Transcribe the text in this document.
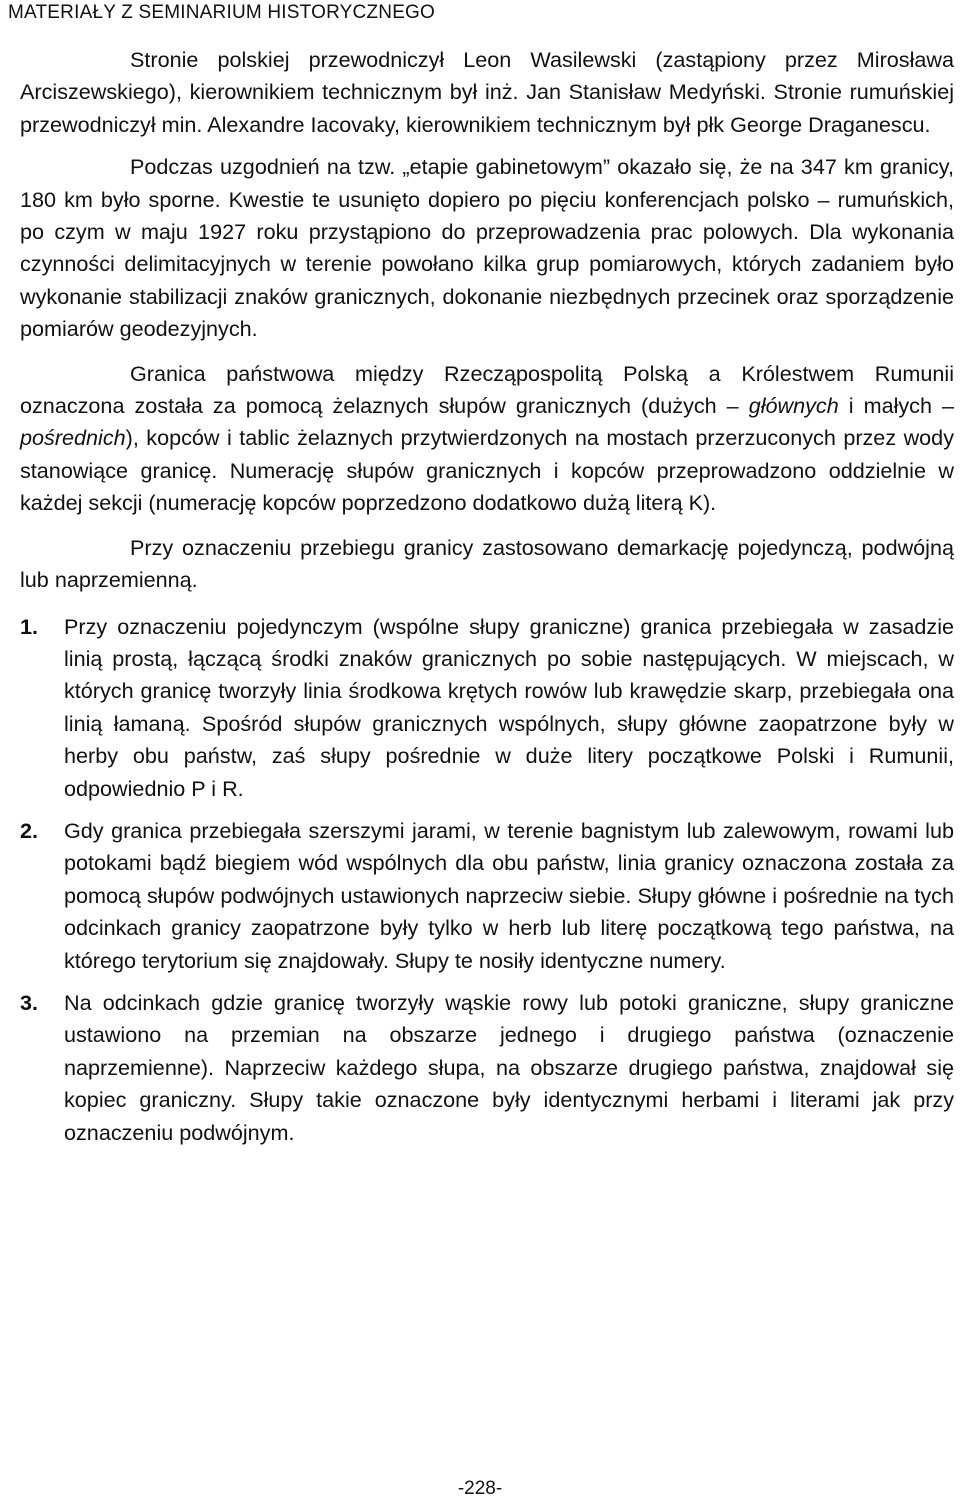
MATERIAŁY Z SEMINARIUM HISTORYCZNEGO

Stronie polskiej przewodniczył Leon Wasilewski (zastąpiony przez Mirosława Arciszewskiego), kierownikiem technicznym był inż. Jan Stanisław Medyński. Stronie rumuńskiej przewodniczył min. Alexandre Iacovaky, kierownikiem technicznym był płk George Draganescu.

Podczas uzgodnień na tzw. „etapie gabinetowym” okazało się, że na 347 km granicy, 180 km było sporne. Kwestie te usunięto dopiero po pięciu konferencjach polsko – rumuńskich, po czym w maju 1927 roku przystąpiono do przeprowadzenia prac polowych. Dla wykonania czynności delimitacyjnych w terenie powołano kilka grup pomiarowych, których zadaniem było wykonanie stabilizacji znaków granicznych, dokonanie niezbędnych przecinek oraz sporządzenie pomiarów geodezyjnych.

Granica państwowa między Rzecząpospolitą Polską a Królestwem Rumunii oznaczona została za pomocą żelaznych słupów granicznych (dużych – głównych i małych – pośrednich), kopców i tablic żelaznych przytwierdzonych na mostach przerzuconych przez wody stanowiące granicę. Numerację słupów granicznych i kopców przeprowadzono oddzielnie w każdej sekcji (numerację kopców poprzedzono dodatkowo dużą literą K).

Przy oznaczeniu przebiegu granicy zastosowano demarkację pojedynczą, podwójną lub naprzemienną.

1.	Przy oznaczeniu pojedynczym (wspólne słupy graniczne) granica przebiegała w zasadzie linią prostą, łączącą środki znaków granicznych po sobie następujących. W miejscach, w których granicę tworzyły linia środkowa krętych rowów lub krawędzie skarp, przebiegała ona linią łamaną. Spośród słupów granicznych wspólnych, słupy główne zaopatrzone były w herby obu państw, zaś słupy pośrednie w duże litery początkowe Polski i Rumunii, odpowiednio P i R.
2.	Gdy granica przebiegała szerszymi jarami, w terenie bagnistym lub zalewowym, rowami lub potokami bądź biegiem wód wspólnych dla obu państw, linia granicy oznaczona została za pomocą słupów podwójnych ustawionych naprzeciw siebie. Słupy główne i pośrednie na tych odcinkach granicy zaopatrzone były tylko w herb lub literę początkową tego państwa, na którego terytorium się znajdowały. Słupy te nosiły identyczne numery.
3.	Na odcinkach gdzie granicę tworzyły wąskie rowy lub potoki graniczne, słupy graniczne ustawiono na przemian na obszarze jednego i drugiego państwa (oznaczenie naprzemienne). Naprzeciw każdego słupa, na obszarze drugiego państwa, znajdował się kopiec graniczny. Słupy takie oznaczone były identycznymi herbami i literami jak przy oznaczeniu podwójnym.
-228-
